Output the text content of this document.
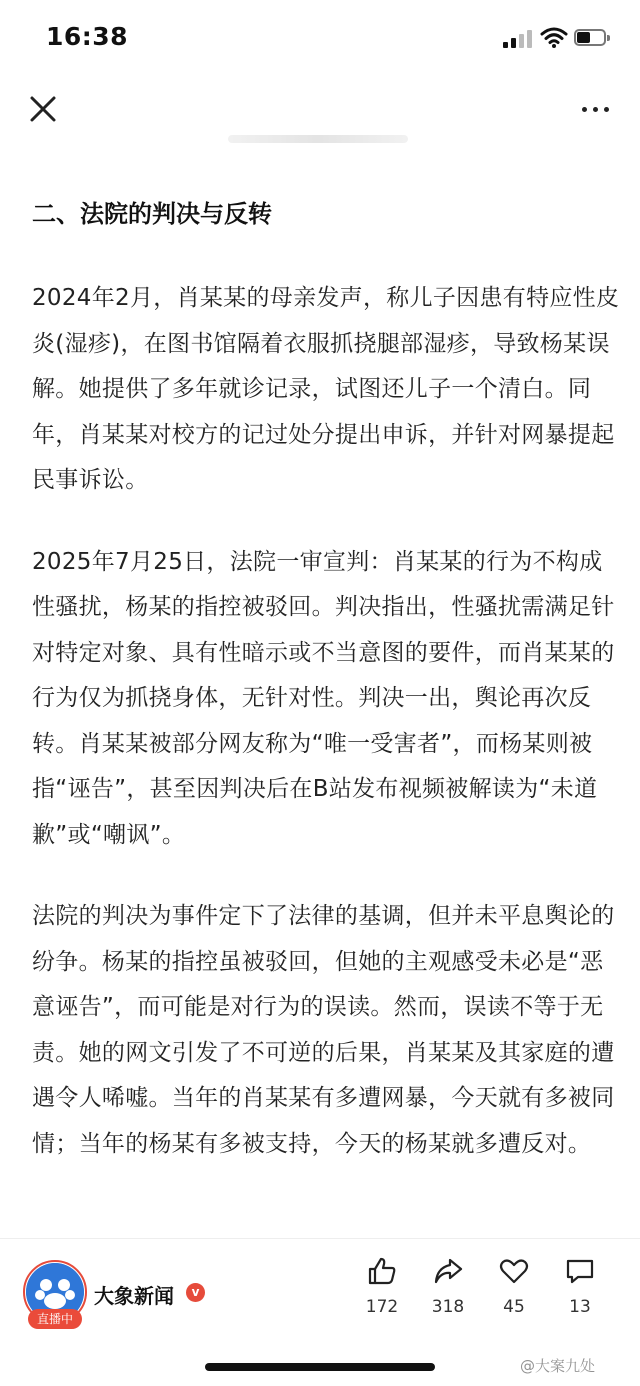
16:38
二、法院的判决与反转

2024年2月，肖某某的母亲发声，称儿子因患有特应性皮炎(湿疹)，在图书馆隔着衣服抓挠腿部湿疹，导致杨某误解。她提供了多年就诊记录，试图还儿子一个清白。同年，肖某某对校方的记过处分提出申诉，并针对网暴提起民事诉讼。

2025年7月25日，法院一审宣判：肖某某的行为不构成性骚扰，杨某的指控被驳回。判决指出，性骚扰需满足针对特定对象、具有性暗示或不当意图的要件，而肖某某的行为仅为抓挠身体，无针对性。判决一出，舆论再次反转。肖某某被部分网友称为“唯一受害者”，而杨某则被指“诬告”，甚至因判决后在B站发布视频被解读为“未道歉”或“嘲讽”。

法院的判决为事件定下了法律的基调，但并未平息舆论的纷争。杨某的指控虽被驳回，但她的主观感受未必是“恶意诬告”，而可能是对行为的误读。然而，误读不等于无责。她的网文引发了不可逆的后果，肖某某及其家庭的遭遇令人唏嘘。当年的肖某某有多遭网暴，今天就有多被同情；当年的杨某有多被支持，今天的杨某就多遭反对。

直播中
大象新闻	v
172	318	45	13
@大案九处
